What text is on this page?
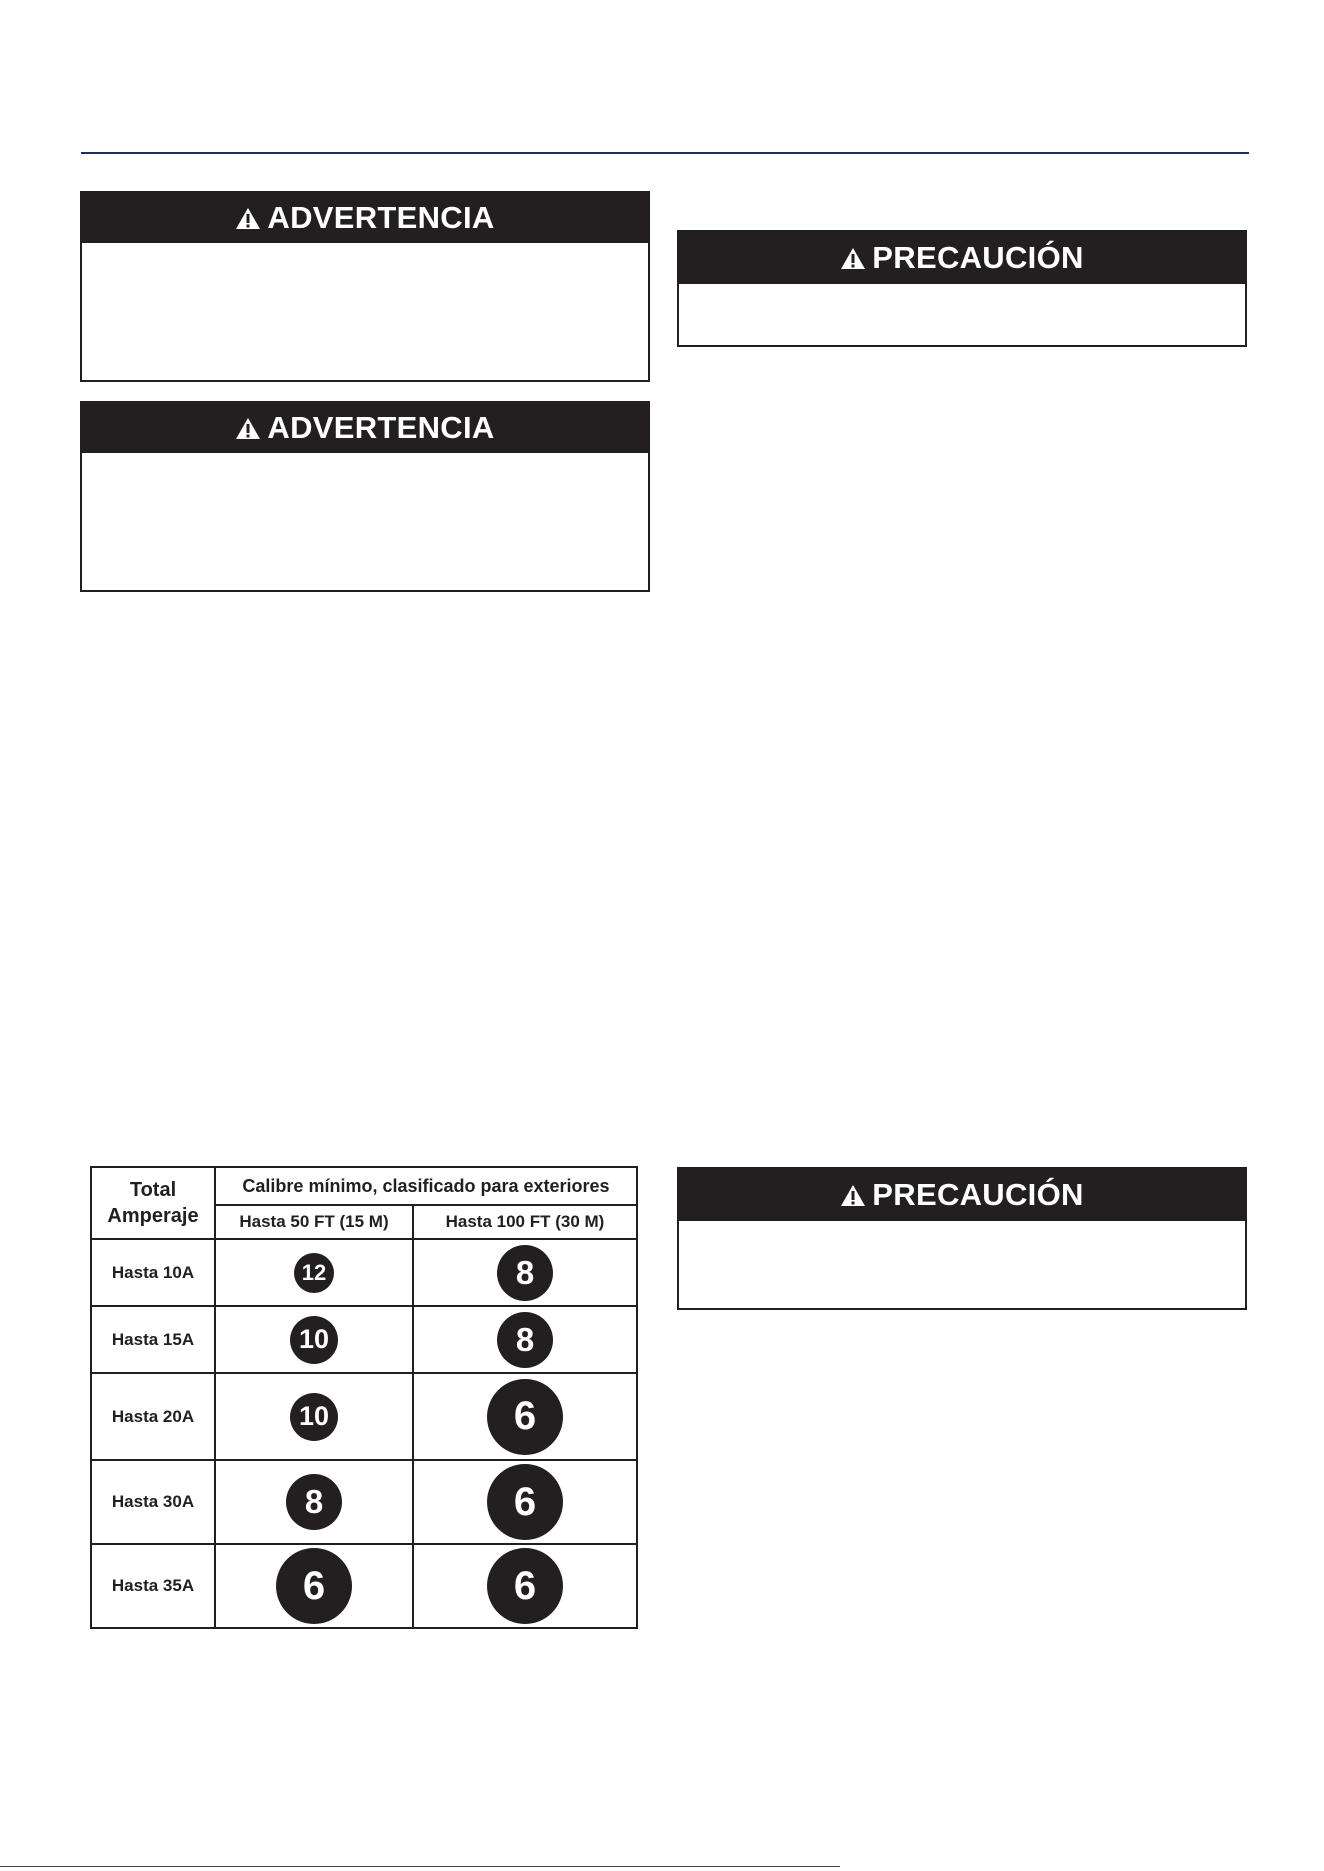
ADVERTENCIA
ADVERTENCIA
PRECAUCIÓN
Total Amperaje	Calibre mínimo, clasificado para exteriores	
	Hasta 50 FT (15 M)	Hasta 100 FT (30 M)
Hasta 10A	12	8
Hasta 15A	10	8
Hasta 20A	10	6
Hasta 30A	8	6
Hasta 35A	6	6
PRECAUCIÓN
